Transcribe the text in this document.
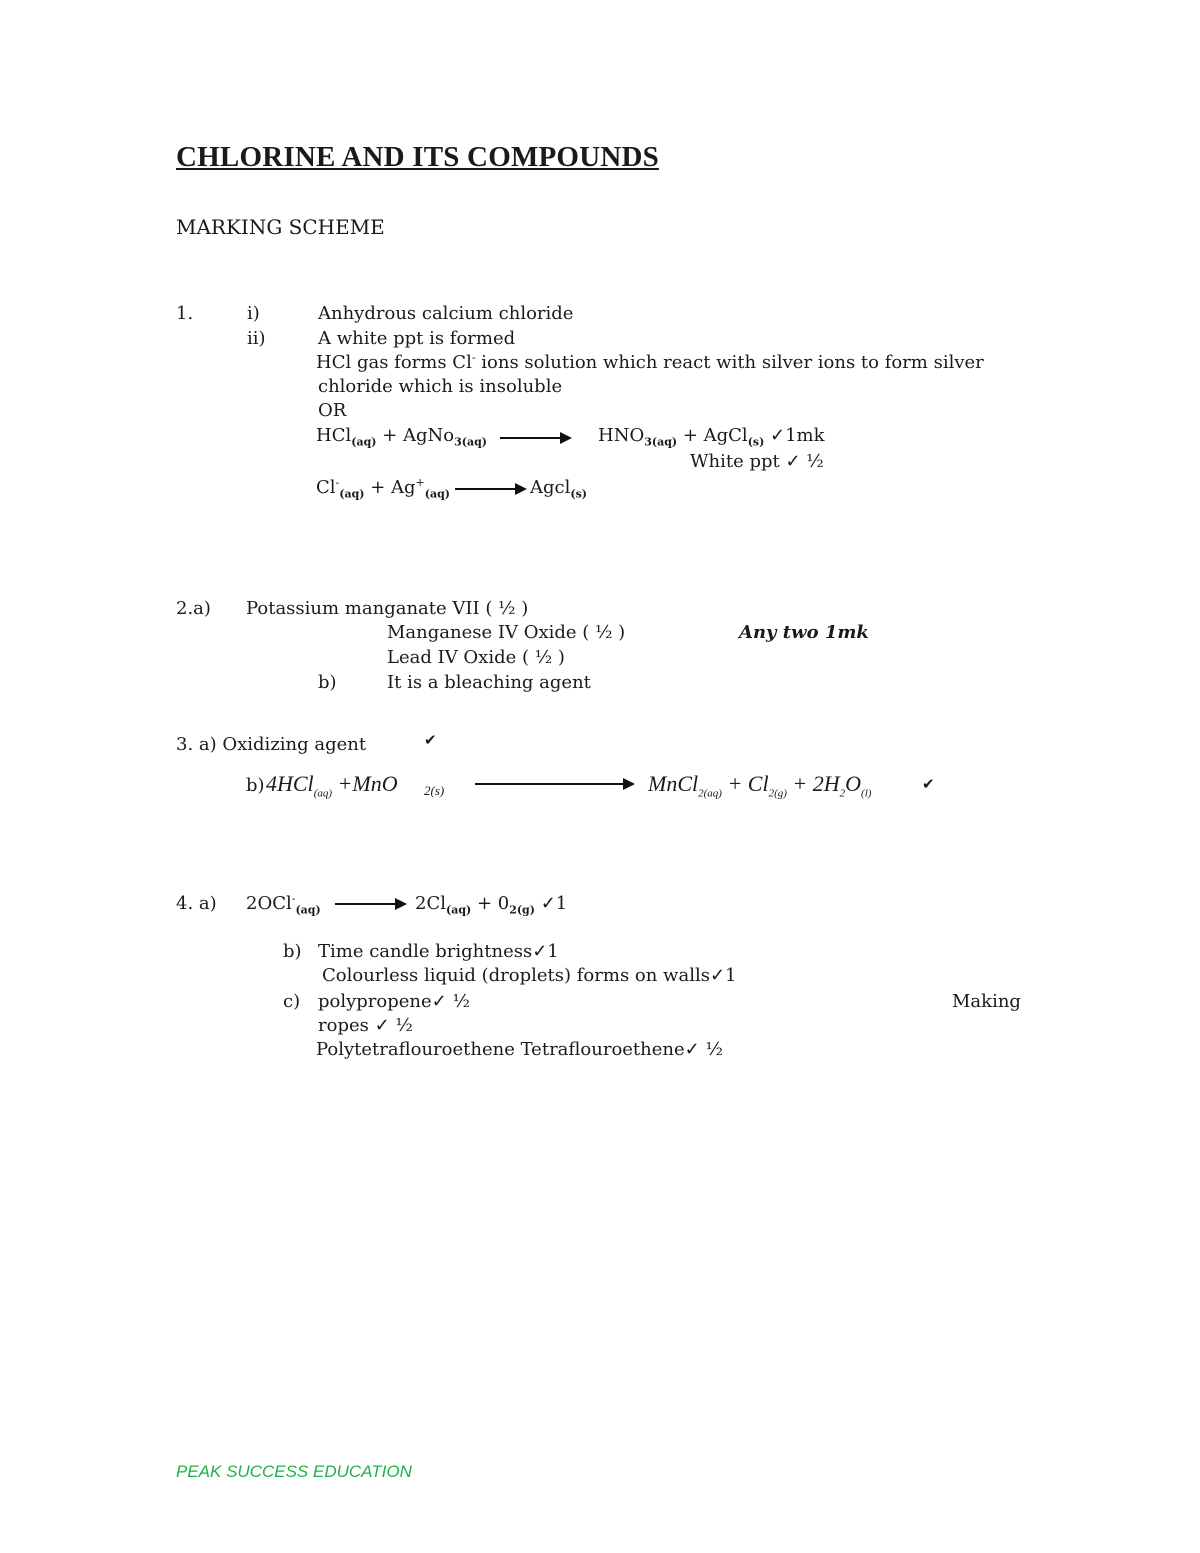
CHLORINE AND ITS COMPOUNDS
MARKING SCHEME
1.	i)	Anhydrous calcium chloride
ii)	A white ppt is formed
HCl gas forms Cl- ions solution which react with silver ions to form silver
chloride which is insoluble
OR
HCl$_{(aq)}$ + AgNo$_{3(aq)}$	$HNO_{3(aq)}$ + AgCl$_{(s)}$ ✓1mk
White ppt ✓ ½
$Cl^-_{(aq)} + Ag^+_{(aq)}$	Agcl$_{(s)}$
2.a) Potassium manganate VII ( ½ )
Manganese IV Oxide ( ½ )	Any two 1mk
Lead IV Oxide ( ½ )
b)	It is a bleaching agent
3. a) Oxidizing agent	✔
b) 4HCl$_{(aq)}$ +MnO 2(s)	MnCl$_{2(aq)}$ + $Cl_{2(g)} + 2H_2O_{(l)}$
✔
4. a) 2OCl-$_{(aq)}$	$2Cl_{(aq)} + 0_{2(g)}$ ✓1
b) Time candle brightness✓1
Colourless liquid (droplets) forms on walls✓1
c) polypropene✓ ½	Making
ropes ✓ ½
Polytetraflouroethene Tetraflouroethene✓ ½
PEAK SUCCESS EDUCATION
